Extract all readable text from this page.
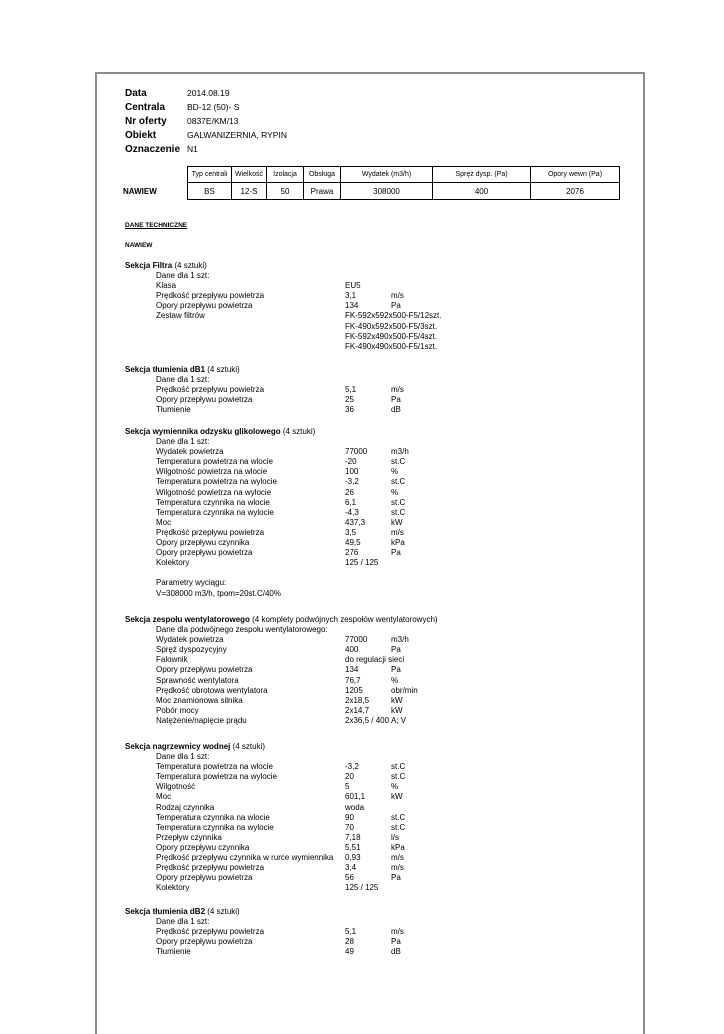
Data	2014.08.19
Centrala	BD-12 (50)- S
Nr oferty	0837E/KM/13
Obiekt	GALWANIZERNIA, RYPIN
Oznaczenie N1
	Typ centrali	Wielkość	Izolacja	Obsługa	Wydatek (m3/h)	Spręż dysp. (Pa)	Opory wewn (Pa)
NAWIEW	BS	12-S	50	Prawa	308000	400	2076
DANE TECHNICZNE
NAWIEW
Sekcja Filtra (4 sztuki)
Dane dla 1 szt:
Klasa	EU5
Prędkość przepływu powietrza	3,1	m/s
Opory przepływu powietrza	134	Pa
Zestaw filtrów	FK-592x592x500-F5/12szt.
FK-490x592x500-F5/3szt.
FK-592x490x500-F5/4szt.
FK-490x490x500-F5/1szt.
Sekcja tłumienia dB1 (4 sztuki)
Dane dla 1 szt:
Prędkość przepływu powietrza	5,1	m/s
Opory przepływu powietrza	25	Pa
Tłumienie	36	dB
Sekcja wymiennika odzysku glikolowego (4 sztuki)
Dane dla 1 szt:
Wydatek powietrza	77000	m3/h
Temperatura powietrza na wlocie	-20	st.C
Wilgotność powietrza na wlocie	100	%
Temperatura powietrza na wylocie	-3,2	st.C
Wilgotność powietrza na wylocie	26	%
Temperatura czynnika na wlocie	6,1	st.C
Temperatura czynnika na wylocie	-4,3	st.C
Moc	437,3	kW
Prędkość przepływu powietrza	3,5	m/s
Opory przepływu czynnika	49,5	kPa
Opory przepływu powietrza	276	Pa
Kolektory	125 / 125
Parametry wyciągu:
V=308000 m3/h, tpom=20st.C/40%
Sekcja zespołu wentylatorowego (4 komplety podwójnych zespołów wentylatorowych)
Dane dla podwójnego zespołu wentylatorowego:
Wydatek powietrza	77000	m3/h
Spręż dyspozycyjny	400	Pa
Falownik	do regulacji sieci
Opory przepływu powietrza	134	Pa
Sprawność wentylatora	76,7	%
Prędkość obrotowa wentylatora	1205	obr/min
Moc znamionowa silnika	2x18,5	kW
Pobór mocy	2x14,7	kW
Natężenie/napięcie prądu	2x36,5 / 400 A; V
Sekcja nagrzewnicy wodnej (4 sztuki)
Dane dla 1 szt:
Temperatura powietrza na wlocie	-3,2	st.C
Temperatura powietrza na wylocie	20	st.C
Wilgotność	5	%
Moc	601,1	kW
Rodzaj czynnika	woda
Temperatura czynnika na wlocie	90	st.C
Temperatura czynnika na wylocie	70	st.C
Przepływ czynnika	7,18	l/s
Opory przepływu czynnika	5,51	kPa
Prędkość przepływu czynnika w rurce wymiennika 0,93	m/s
Prędkość przepływu powietrza	3,4	m/s
Opory przepływu powietrza	56	Pa
Kolektory	125 / 125
Sekcja tłumienia dB2 (4 sztuki)
Dane dla 1 szt:
Prędkość przepływu powietrza	5,1	m/s
Opory przepływu powietrza	28	Pa
Tłumienie	49	dB
